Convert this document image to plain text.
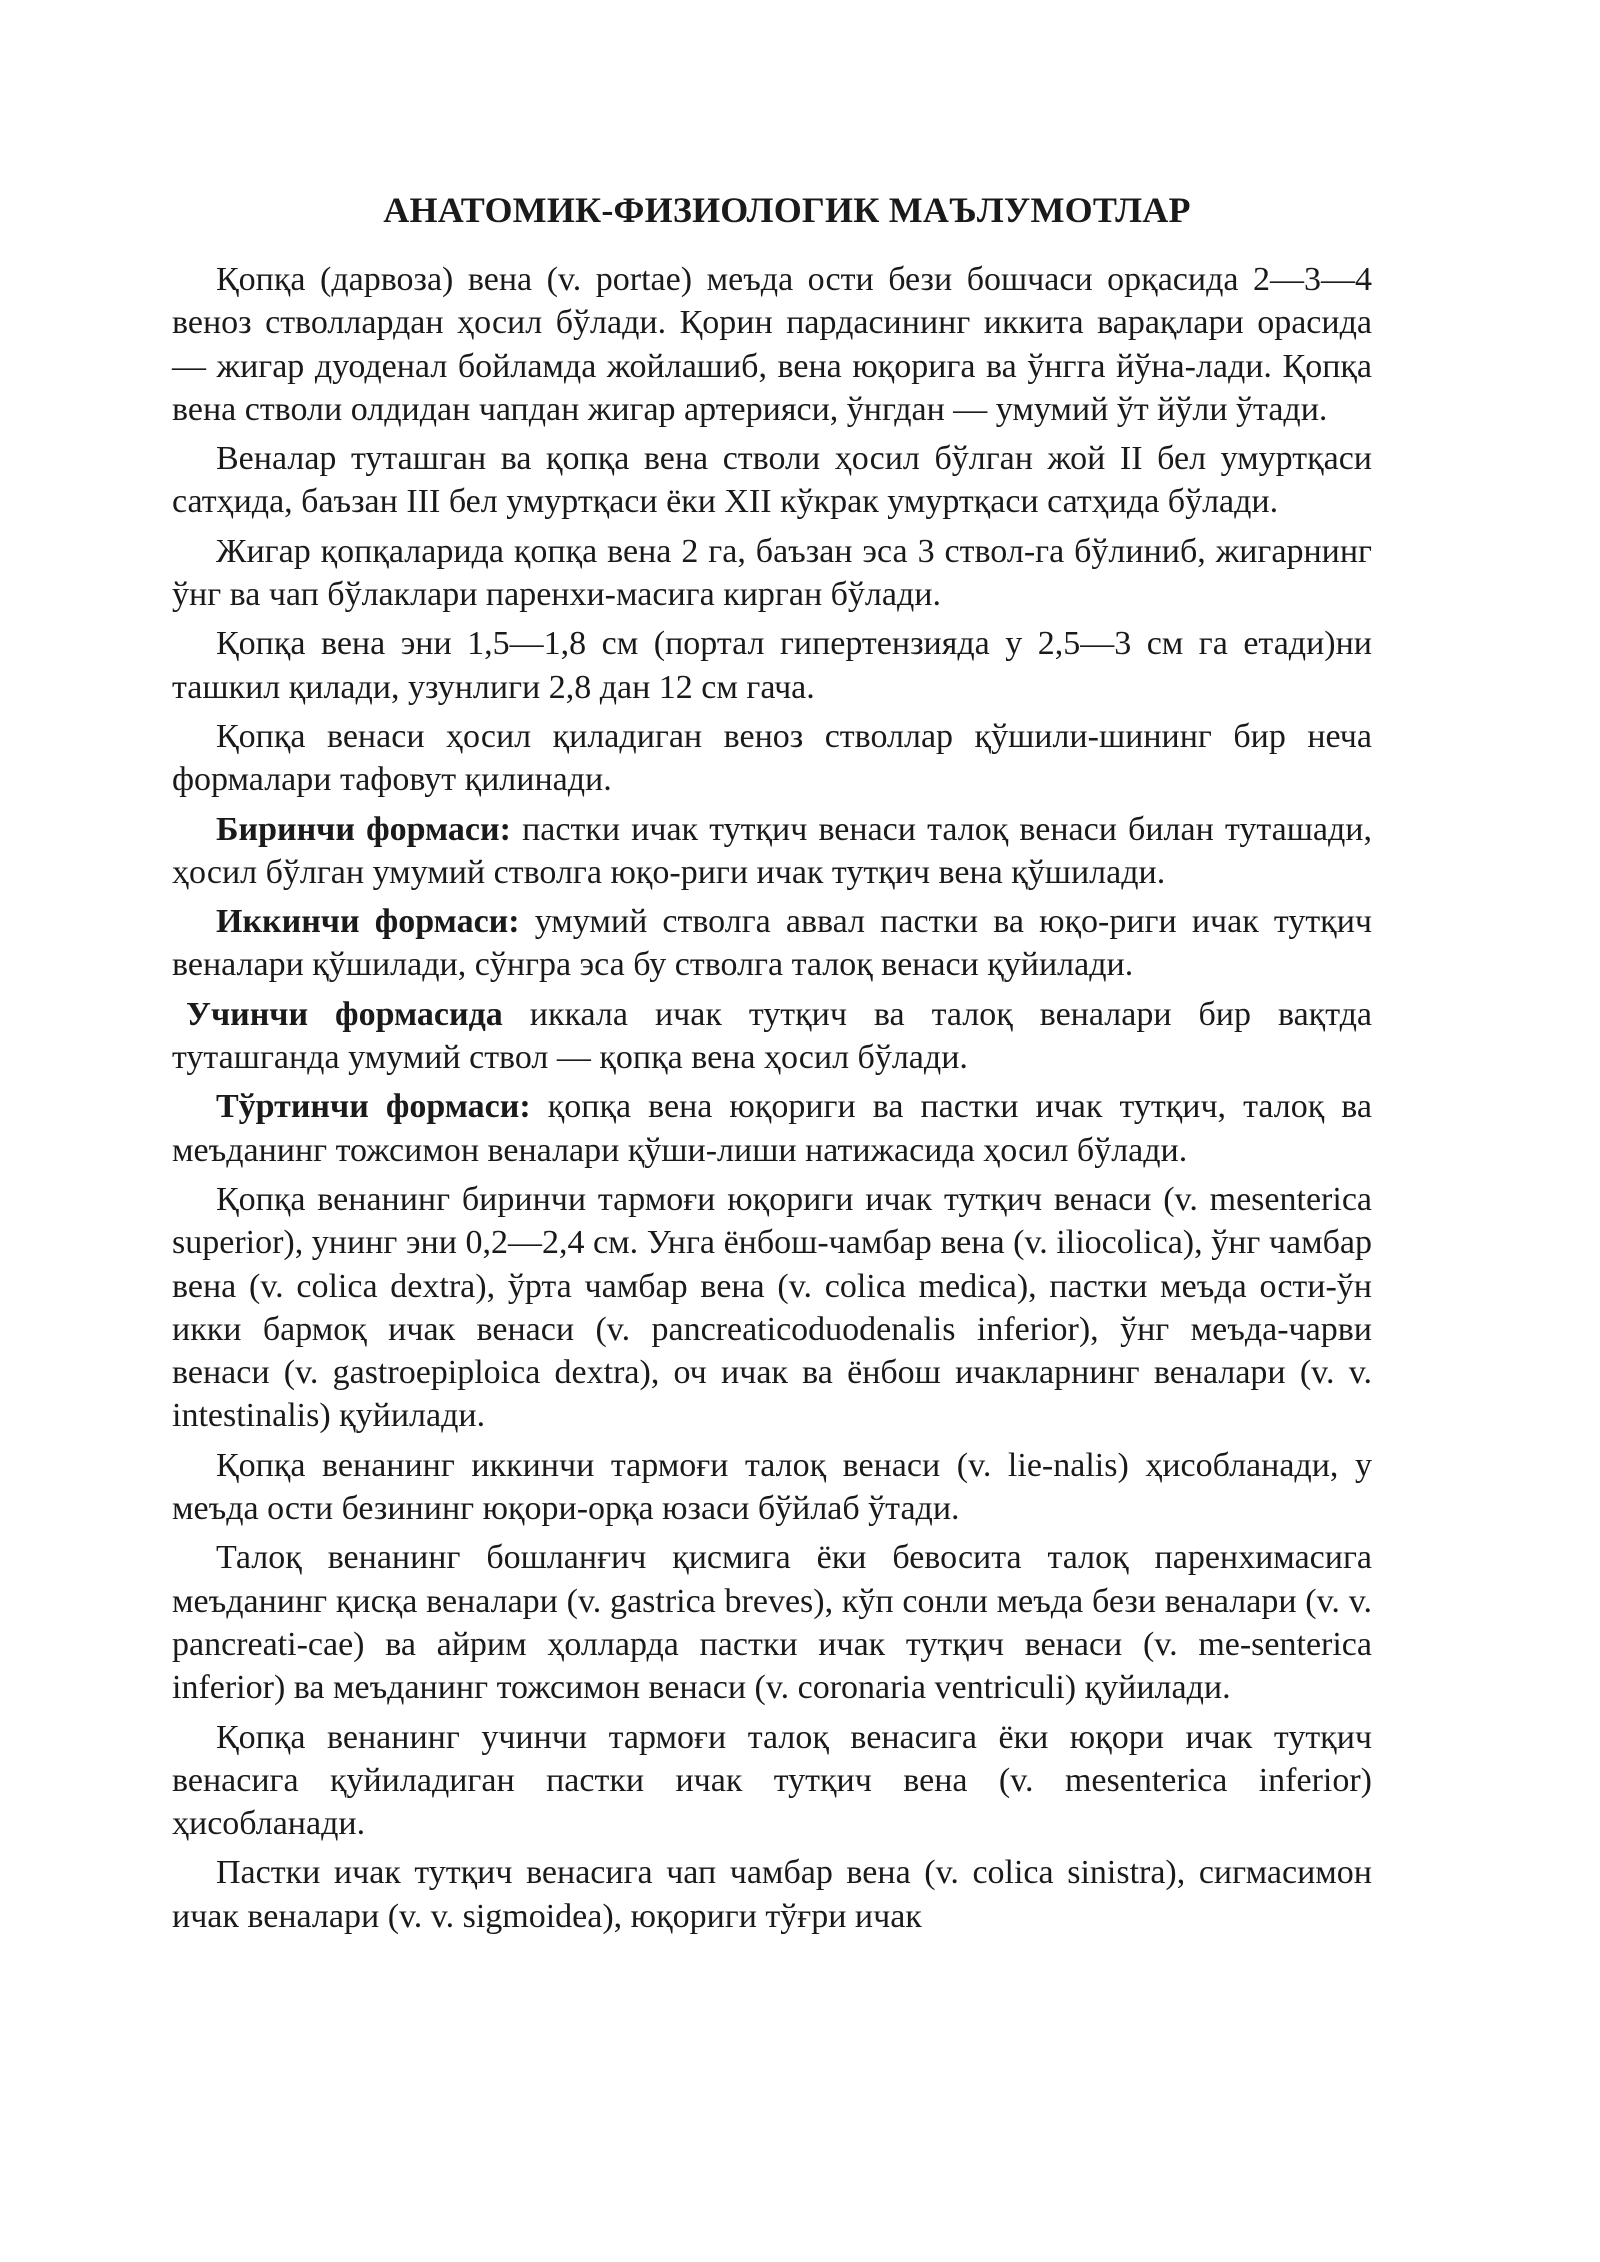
АНАТОМИК-ФИЗИОЛОГИК МАЪЛУМОТЛАР

Қопқа (дарвоза) вена (v. portae) меъда ости бези бошчаси орқасида 2—3—4 веноз стволлардан ҳосил бўлади. Қорин пардасининг иккита варақлари орасида — жигар дуоденал бойламда жойлашиб, вена юқорига ва ўнгга йўна-лади. Қопқа вена стволи олдидан чапдан жигар артерияси, ўнгдан — умумий ўт йўли ўтади.

Веналар туташган ва қопқа вена стволи ҳосил бўлган жой II бел умуртқаси сатҳида, баъзан III бел умуртқаси ёки XII кўкрак умуртқаси сатҳида бўлади.

Жигар қопқаларида қопқа вена 2 га, баъзан эса 3 ствол-га бўлиниб, жигарнинг ўнг ва чап бўлаклари паренхи-масига кирган бўлади.

Қопқа вена эни 1,5—1,8 см (портал гипертензияда у 2,5—3 см га етади)ни ташкил қилади, узунлиги 2,8 дан 12 см гача.

Қопқа венаси ҳосил қиладиган веноз стволлар қўшили-шининг бир неча формалари тафовут қилинади.

Биринчи формаси: пастки ичак тутқич венаси талоқ венаси билан туташади, ҳосил бўлган умумий стволга юқо-риги ичак тутқич вена қўшилади.

Иккинчи формаси: умумий стволга аввал пастки ва юқо-риги ичак тутқич веналари қўшилади, сўнгра эса бу стволга талоқ венаси қуйилади.

Учинчи формасида иккала ичак тутқич ва талоқ веналари бир вақтда туташганда умумий ствол — қопқа вена ҳосил бўлади.

Тўртинчи формаси: қопқа вена юқориги ва пастки ичак тутқич, талоқ ва меъданинг тожсимон веналари қўши-лиши натижасида ҳосил бўлади.

Қопқа венанинг биринчи тармоғи юқориги ичак тутқич венаси (v. mesenterica superior), унинг эни 0,2—2,4 см. Унга ёнбош-чамбар вена (v. iliocolica), ўнг чамбар вена (v. colica dextra), ўрта чамбар вена (v. colica medica), пастки меъда ости-ўн икки бармоқ ичак венаси (v. pancreaticoduodenalis inferior), ўнг меъда-чарви венаси (v. gastroepiploica dextra), оч ичак ва ёнбош ичакларнинг веналари (v. v. intestinalis) қуйилади.

Қопқа венанинг иккинчи тармоғи талоқ венаси (v. lie-nalis) ҳисобланади, у меъда ости безининг юқори-орқа юзаси бўйлаб ўтади.

Талоқ венанинг бошланғич қисмига ёки бевосита талоқ паренхимасига меъданинг қисқа веналари (v. gastrica breves), кўп сонли меъда бези веналари (v. v. pancreati-cae) ва айрим ҳолларда пастки ичак тутқич венаси (v. me-senterica inferior) ва меъданинг тожсимон венаси (v. coronaria ventriculi) қуйилади.

Қопқа венанинг учинчи тармоғи талоқ венасига ёки юқори ичак тутқич венасига қуйиладиган пастки ичак тутқич вена (v. mesenterica inferior) ҳисобланади.

Пастки ичак тутқич венасига чап чамбар вена (v. colica sinistra), сигмасимон ичак веналари (v. v. sigmoidea), юқориги тўғри ичак
